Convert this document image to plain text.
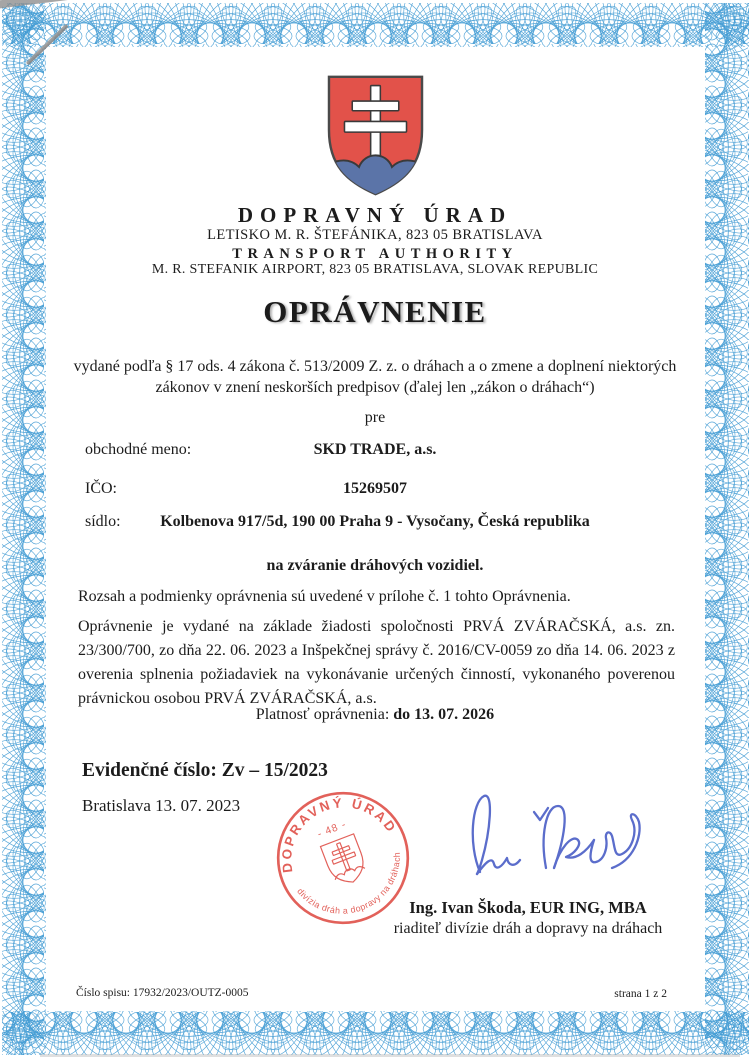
DOPRAVNÝ ÚRAD
LETISKO M. R. ŠTEFÁNIKA, 823 05 BRATISLAVA
TRANSPORT AUTHORITY
M. R. STEFANIK AIRPORT, 823 05 BRATISLAVA, SLOVAK REPUBLIC
OPRÁVNENIE
vydané podľa § 17 ods. 4 zákona č. 513/2009 Z. z. o dráhach a o zmene a doplnení niektorých zákonov v znení neskorších predpisov (ďalej len „zákon o dráhach“)
pre
obchodné meno:	SKD TRADE, a.s.
IČO:	15269507
sídlo:	Kolbenova 917/5d, 190 00 Praha 9 - Vysočany, Česká republika
na zváranie dráhových vozidiel.
Rozsah a podmienky oprávnenia sú uvedené v prílohe č. 1 tohto Oprávnenia.
Oprávnenie je vydané na základe žiadosti spoločnosti PRVÁ ZVÁRAČSKÁ, a.s. zn. 23/300/700, zo dňa 22. 06. 2023 a Inšpekčnej správy č. 2016/CV-0059 zo dňa 14. 06. 2023 z overenia splnenia požiadaviek na vykonávanie určených činností, vykonaného poverenou právnickou osobou PRVÁ ZVÁRAČSKÁ, a.s.
Platnosť oprávnenia: do 13. 07. 2026
Evidenčné číslo: Zv – 15/2023
Bratislava 13. 07. 2023
DOPRAVNÝ ÚRAD
- 48 -
divízia dráh a dopravy na dráhach
Ing. Ivan Škoda, EUR ING, MBA
riaditeľ divízie dráh a dopravy na dráhach
Číslo spisu: 17932/2023/OUTZ-0005	strana 1 z 2
